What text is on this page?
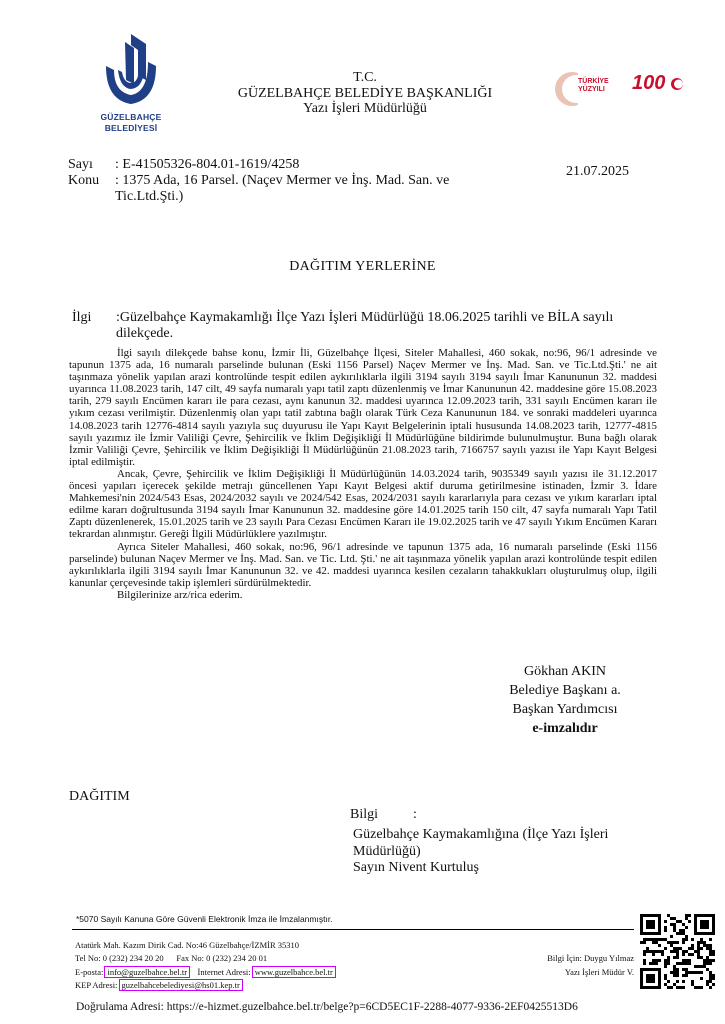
GÜZELBAHÇE
BELEDİYESİ
T.C.
GÜZELBAHÇE BELEDİYE BAŞKANLIĞI
Yazı İşleri Müdürlüğü
TÜRKİYE
YÜZYILI 100
Sayı	: E-41505326-804.01-1619/4258
Konu	: 1375 Ada, 16 Parsel. (Naçev Mermer ve İnş. Mad. San. ve Tic.Ltd.Şti.)
21.07.2025
DAĞITIM YERLERİNE
İlgi :Güzelbahçe Kaymakamlığı İlçe Yazı İşleri Müdürlüğü 18.06.2025 tarihli ve BİLA sayılı dilekçede.

İlgi sayılı dilekçede bahse konu, İzmir İli, Güzelbahçe İlçesi, Siteler Mahallesi, 460 sokak, no:96, 96/1 adresinde ve tapunun 1375 ada, 16 numaralı parselinde bulunan (Eski 1156 Parsel) Naçev Mermer ve İnş. Mad. San. ve Tic.Ltd.Şti.' ne ait taşınmaza yönelik yapılan arazi kontrolünde tespit edilen aykırılıklarla ilgili 3194 sayılı 3194 sayılı İmar Kanununun 32. maddesi uyarınca 11.08.2023 tarih, 147 cilt, 49 sayfa numaralı yapı tatil zaptı düzenlenmiş ve İmar Kanununun 42. maddesine göre 15.08.2023 tarih, 279 sayılı Encümen kararı ile para cezası, aynı kanunun 32. maddesi uyarınca 12.09.2023 tarih, 331 sayılı Encümen kararı ile yıkım cezası verilmiştir. Düzenlenmiş olan yapı tatil zabtına bağlı olarak Türk Ceza Kanununun 184. ve sonraki maddeleri uyarınca 14.08.2023 tarih 12776-4814 sayılı yazıyla suç duyurusu ile Yapı Kayıt Belgelerinin iptali hususunda 14.08.2023 tarih, 12777-4815 sayılı yazımız ile İzmir Valiliği Çevre, Şehircilik ve İklim Değişikliği İl Müdürlüğüne bildirimde bulunulmuştur. Buna bağlı olarak İzmir Valiliği Çevre, Şehircilik ve İklim Değişikliği İl Müdürlüğünün 21.08.2023 tarih, 7166757 sayılı yazısı ile Yapı Kayıt Belgesi iptal edilmiştir.

Ancak, Çevre, Şehircilik ve İklim Değişikliği İl Müdürlüğünün 14.03.2024 tarih, 9035349 sayılı yazısı ile 31.12.2017 öncesi yapıları içerecek şekilde metrajı güncellenen Yapı Kayıt Belgesi aktif duruma getirilmesine istinaden, İzmir 3. İdare Mahkemesi'nin 2024/543 Esas, 2024/2032 sayılı ve 2024/542 Esas, 2024/2031 sayılı kararlarıyla para cezası ve yıkım kararları iptal edilme kararı doğrultusunda 3194 sayılı İmar Kanununun 32. maddesine göre 14.01.2025 tarih 150 cilt, 47 sayfa numaralı Yapı Tatil Zaptı düzenlenerek, 15.01.2025 tarih ve 23 sayılı Para Cezası Encümen Kararı ile 19.02.2025 tarih ve 47 sayılı Yıkım Encümen Kararı tekrardan alınmıştır. Gereği İlgili Müdürlüklere yazılmıştır.

Ayrıca Siteler Mahallesi, 460 sokak, no:96, 96/1 adresinde ve tapunun 1375 ada, 16 numaralı parselinde (Eski 1156 parselinde) bulunan Naçev Mermer ve İnş. Mad. San. ve Tic. Ltd. Şti.' ne ait taşınmaza yönelik yapılan arazi kontrolünde tespit edilen aykırılıklarla ilgili 3194 sayılı İmar Kanununun 32. ve 42. maddesi uyarınca kesilen cezaların tahakkukları oluşturulmuş olup, ilgili kanunlar çerçevesinde takip işlemleri sürdürülmektedir.

Bilgilerinize arz/rica ederim.

Gökhan AKIN
Belediye Başkanı a.
Başkan Yardımcısı
e-imzalıdır
DAĞITIM
Bilgi :
Güzelbahçe Kaymakamlığına (İlçe Yazı İşleri Müdürlüğü)
Sayın Nivent Kurtuluş
*5070 Sayılı Kanuna Göre Güvenli Elektronik İmza ile İmzalanmıştır.
Atatürk Mah. Kazım Dirik Cad. No:46 Güzelbahçe/İZMİR 35310
Tel No: 0 (232) 234 20 20 Fax No: 0 (232) 234 20 01
E-posta: info@guzelbahce.bel.tr İnternet Adresi: www.guzelbahce.bel.tr
KEP Adresi: guzelbahcebelediyesi@hs01.kep.tr

Bilgi İçin: Duygu Yılmaz
Yazı İşleri Müdür V.
Doğrulama Adresi: https://e-hizmet.guzelbahce.bel.tr/belge?p=6CD5EC1F-2288-4077-9336-2EF0425513D6
